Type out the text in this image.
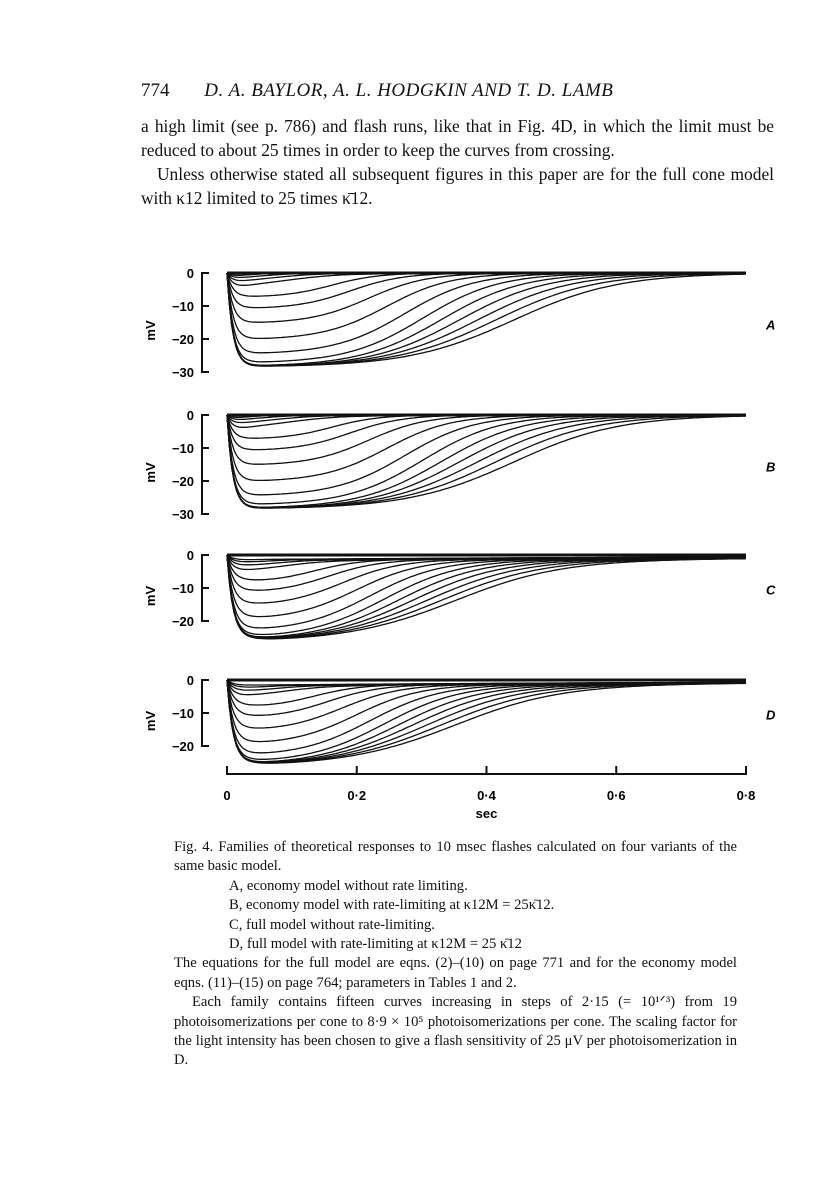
774 D. A. BAYLOR, A. L. HODGKIN AND T. D. LAMB

a high limit (see p. 786) and flash runs, like that in Fig. 4D, in which the limit must be reduced to about 25 times in order to keep the curves from crossing.

Unless otherwise stated all subsequent figures in this paper are for the full cone model with κ12 limited to 25 times κ̄12.

0
−10
−20
−30
mV	A
0
−10
−20
−30
mV	B
0
−10
−20
mV	C
0
−10
−20
mV	D
0	0·2	0·4	0·6	0·8
sec

Fig. 4. Families of theoretical responses to 10 msec flashes calculated on four variants of the same basic model.

A, economy model without rate limiting.

B, economy model with rate-limiting at κ12M = 25κ̄12.

C, full model without rate-limiting.

D, full model with rate-limiting at κ12M = 25 κ̄12

The equations for the full model are eqns. (2)–(10) on page 771 and for the economy model eqns. (11)–(15) on page 764; parameters in Tables 1 and 2.

Each family contains fifteen curves increasing in steps of 2·15 (= 10¹ᐟ³) from 19 photoisomerizations per cone to 8·9 × 10⁵ photoisomerizations per cone. The scaling factor for the light intensity has been chosen to give a flash sensitivity of 25 μV per photoisomerization in D.
